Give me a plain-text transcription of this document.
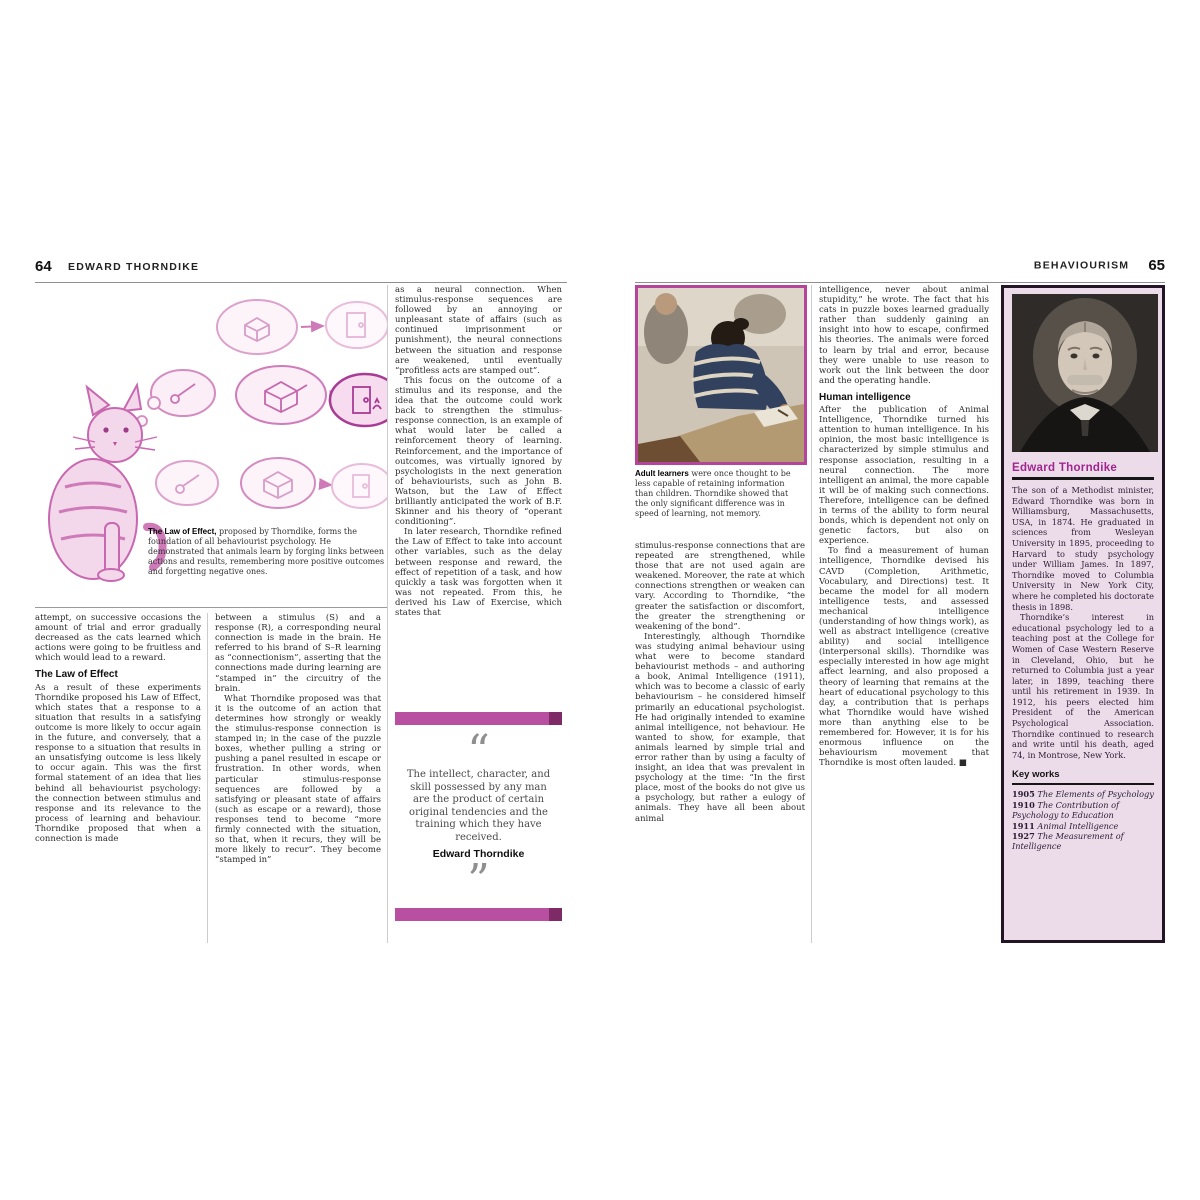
64 EDWARD THORNDIKE	BEHAVIOURISM 65
The Law of Effect, proposed by Thorndike, forms the foundation of all behaviourist psychology. He demonstrated that animals learn by forging links between actions and results, remembering more positive outcomes and forgetting negative ones.

attempt, on successive occasions the amount of trial and error gradually decreased as the cats learned which actions were going to be fruitless and which would lead to a reward.

The Law of Effect

As a result of these experiments Thorndike proposed his Law of Effect, which states that a response to a situation that results in a satisfying outcome is more likely to occur again in the future, and conversely, that a response to a situation that results in an unsatisfying outcome is less likely to occur again. This was the first formal statement of an idea that lies behind all behaviourist psychology: the connection between stimulus and response and its relevance to the process of learning and behaviour. Thorndike proposed that when a connection is made

between a stimulus (S) and a response (R), a corresponding neural connection is made in the brain. He referred to his brand of S–R learning as “connectionism”, asserting that the connections made during learning are “stamped in” the circuitry of the brain.

What Thorndike proposed was that it is the outcome of an action that determines how strongly or weakly the stimulus-response connection is stamped in; in the case of the puzzle boxes, whether pulling a string or pushing a panel resulted in escape or frustration. In other words, when particular stimulus-response sequences are followed by a satisfying or pleasant state of affairs (such as escape or a reward), those responses tend to become “more firmly connected with the situation, so that, when it recurs, they will be more likely to recur”. They become “stamped in”

as a neural connection. When stimulus-response sequences are followed by an annoying or unpleasant state of affairs (such as continued imprisonment or punishment), the neural connections between the situation and response are weakened, until eventually “profitless acts are stamped out”.

This focus on the outcome of a stimulus and its response, and the idea that the outcome could work back to strengthen the stimulus-response connection, is an example of what would later be called a reinforcement theory of learning. Reinforcement, and the importance of outcomes, was virtually ignored by psychologists in the next generation of behaviourists, such as John B. Watson, but the Law of Effect brilliantly anticipated the work of B.F. Skinner and his theory of “operant conditioning”.

In later research, Thorndike refined the Law of Effect to take into account other variables, such as the delay between response and reward, the effect of repetition of a task, and how quickly a task was forgotten when it was not repeated. From this, he derived his Law of Exercise, which states that

“
The intellect, character, and skill possessed by any man are the product of certain original tendencies and the training which they have received.
Edward Thorndike
”
Adult learners were once thought to be less capable of retaining information than children. Thorndike showed that the only significant difference was in speed of learning, not memory.

stimulus-response connections that are repeated are strengthened, while those that are not used again are weakened. Moreover, the rate at which connections strengthen or weaken can vary. According to Thorndike, “the greater the satisfaction or discomfort, the greater the strengthening or weakening of the bond”.

Interestingly, although Thorndike was studying animal behaviour using what were to become standard behaviourist methods – and authoring a book, Animal Intelligence (1911), which was to become a classic of early behaviourism – he considered himself primarily an educational psychologist. He had originally intended to examine animal intelligence, not behaviour. He wanted to show, for example, that animals learned by simple trial and error rather than by using a faculty of insight, an idea that was prevalent in psychology at the time: “In the first place, most of the books do not give us a psychology, but rather a eulogy of animals. They have all been about animal

intelligence, never about animal stupidity,” he wrote. The fact that his cats in puzzle boxes learned gradually rather than suddenly gaining an insight into how to escape, confirmed his theories. The animals were forced to learn by trial and error, because they were unable to use reason to work out the link between the door and the operating handle.

Human intelligence

After the publication of Animal Intelligence, Thorndike turned his attention to human intelligence. In his opinion, the most basic intelligence is characterized by simple stimulus and response association, resulting in a neural connection. The more intelligent an animal, the more capable it will be of making such connections. Therefore, intelligence can be defined in terms of the ability to form neural bonds, which is dependent not only on genetic factors, but also on experience.

To find a measurement of human intelligence, Thorndike devised his CAVD (Completion, Arithmetic, Vocabulary, and Directions) test. It became the model for all modern intelligence tests, and assessed mechanical intelligence (understanding of how things work), as well as abstract intelligence (creative ability) and social intelligence (interpersonal skills). Thorndike was especially interested in how age might affect learning, and also proposed a theory of learning that remains at the heart of educational psychology to this day, a contribution that is perhaps what Thorndike would have wished more than anything else to be remembered for. However, it is for his enormous influence on the behaviourism movement that Thorndike is most often lauded. ■

Edward Thorndike

The son of a Methodist minister, Edward Thorndike was born in Williamsburg, Massachusetts, USA, in 1874. He graduated in sciences from Wesleyan University in 1895, proceeding to Harvard to study psychology under William James. In 1897, Thorndike moved to Columbia University in New York City, where he completed his doctorate thesis in 1898.

Thorndike’s interest in educational psychology led to a teaching post at the College for Women of Case Western Reserve in Cleveland, Ohio, but he returned to Columbia just a year later, in 1899, teaching there until his retirement in 1939. In 1912, his peers elected him President of the American Psychological Association. Thorndike continued to research and write until his death, aged 74, in Montrose, New York.

Key works
1905 The Elements of Psychology
1910 The Contribution of Psychology to Education
1911 Animal Intelligence
1927 The Measurement of Intelligence
